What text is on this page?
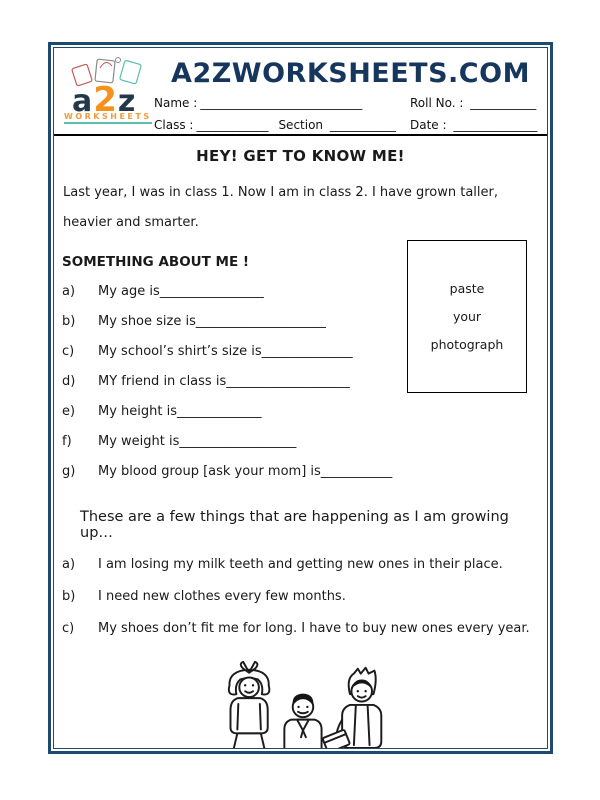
a2z
WORKSHEETS
A2ZWORKSHEETS.COM
Name : ___________________________	Roll No. : ___________
Class : ____________ Section ___________ Date : ______________
HEY! GET TO KNOW ME!

Last year, I was in class 1. Now I am in class 2. I have grown taller, heavier and smarter.

paste
your
photograph
SOMETHING ABOUT ME !
a)	My age is ________________
b)	My shoe size is ____________________
c)	My school’s shirt’s size is ______________
d)	MY friend in class is ___________________
e)	My height is _____________
f)	My weight is __________________
g)	My blood group [ask your mom] is ___________
These are a few things that are happening as I am growing up…
a)	I am losing my milk teeth and getting new ones in their place.
b)	I need new clothes every few months.
c)	My shoes don’t fit me for long. I have to buy new ones every year.
